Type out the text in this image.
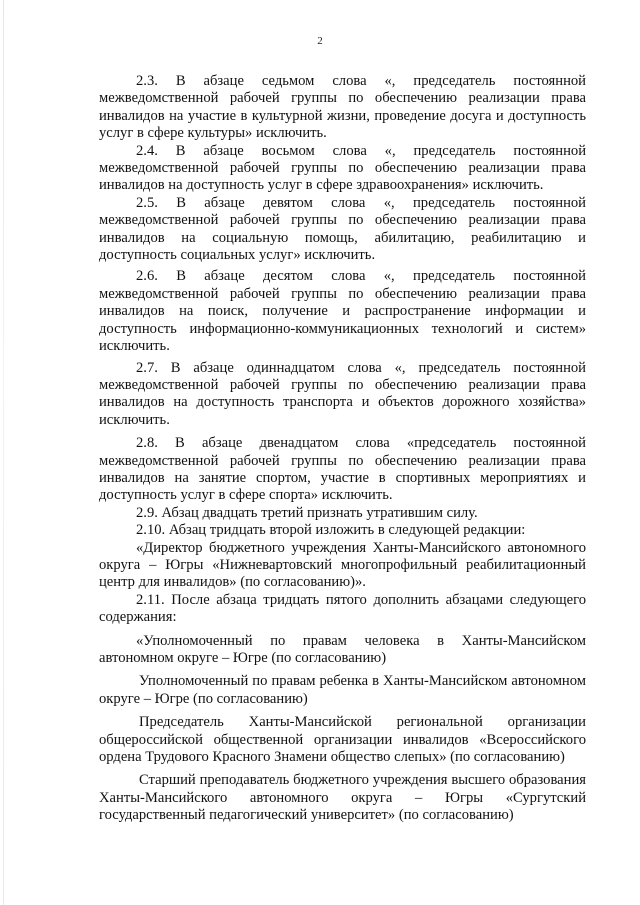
2

2.3. В абзаце седьмом слова «, председатель постоянной межведомственной рабочей группы по обеспечению реализации права инвалидов на участие в культурной жизни, проведение досуга и доступность услуг в сфере культуры» исключить.

2.4. В абзаце восьмом слова «, председатель постоянной межведомственной рабочей группы по обеспечению реализации права инвалидов на доступность услуг в сфере здравоохранения» исключить.

2.5. В абзаце девятом слова «, председатель постоянной межведомственной рабочей группы по обеспечению реализации права инвалидов на социальную помощь, абилитацию, реабилитацию и доступность социальных услуг» исключить.

2.6. В абзаце десятом слова «, председатель постоянной межведомственной рабочей группы по обеспечению реализации права инвалидов на поиск, получение и распространение информации и доступность информационно-коммуникационных технологий и систем» исключить.

2.7. В абзаце одиннадцатом слова «, председатель постоянной межведомственной рабочей группы по обеспечению реализации права инвалидов на доступность транспорта и объектов дорожного хозяйства» исключить.

2.8. В абзаце двенадцатом слова «председатель постоянной межведомственной рабочей группы по обеспечению реализации права инвалидов на занятие спортом, участие в спортивных мероприятиях и доступность услуг в сфере спорта» исключить.

2.9. Абзац двадцать третий признать утратившим силу.

2.10. Абзац тридцать второй изложить в следующей редакции:

«Директор бюджетного учреждения Ханты-Мансийского автономного округа – Югры «Нижневартовский многопрофильный реабилитационный центр для инвалидов» (по согласованию)».

2.11. После абзаца тридцать пятого дополнить абзацами следующего содержания:

«Уполномоченный по правам человека в Ханты-Мансийском автономном округе – Югре (по согласованию)

Уполномоченный по правам ребенка в Ханты-Мансийском автономном округе – Югре (по согласованию)

Председатель Ханты-Мансийской региональной организации общероссийской общественной организации инвалидов «Всероссийского ордена Трудового Красного Знамени общество слепых» (по согласованию)

Старший преподаватель бюджетного учреждения высшего образования Ханты-Мансийского автономного округа – Югры «Сургутский государственный педагогический университет» (по согласованию)
